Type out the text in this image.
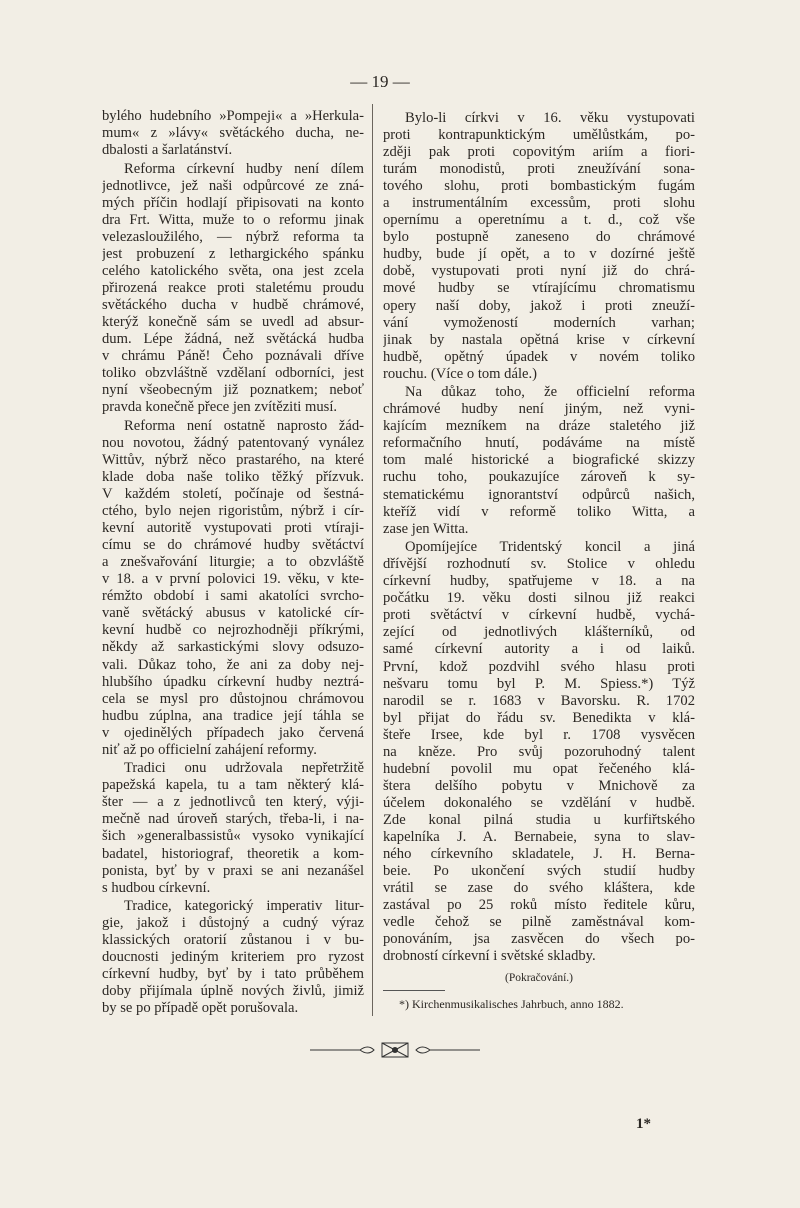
— 19 —
bylého hudebního »Pompeji« a »Herkula-
mum« z »lávy« světáckého ducha, ne-
dbalosti a šarlatánství.
Reforma církevní hudby není dílem
jednotlivce, jež naši odpůrcové ze zná-
mých příčin hodlají připisovati na konto
dra Frt. Witta, muže to o reformu jinak
velezasloužilého, — nýbrž reforma ta
jest probuzení z lethargického spánku
celého katolického světa, ona jest zcela
přirozená reakce proti staletému proudu
světáckého ducha v hudbě chrámové,
kterýž konečně sám se uvedl ad absur-
dum. Lépe žádná, než světácká hudba
v chrámu Páně! Čeho poznávali dříve
toliko obzvláštně vzdělaní odborníci, jest
nyní všeobecným již poznatkem; neboť
pravda konečně přece jen zvítěziti musí.
Reforma není ostatně naprosto žád-
nou novotou, žádný patentovaný vynález
Wittův, nýbrž něco prastarého, na které
klade doba naše toliko těžký přízvuk.
V každém století, počínaje od šestná-
ctého, bylo nejen rigoristům, nýbrž i cír-
kevní autoritě vystupovati proti vtíraji-
címu se do chrámové hudby světáctví
a znešvařování liturgie; a to obzvláště
v 18. a v první polovici 19. věku, v kte-
rémžto období i sami akatolíci svrcho-
vaně světácký abusus v katolické cír-
kevní hudbě co nejrozhodněji příkrými,
někdy až sarkastickými slovy odsuzo-
vali. Důkaz toho, že ani za doby nej-
hlubšího úpadku církevní hudby neztrá-
cela se mysl pro důstojnou chrámovou
hudbu zúplna, ana tradice její táhla se
v ojedinělých případech jako červená
niť až po officielní zahájení reformy.
Tradici onu udržovala nepřetržitě
papežská kapela, tu a tam některý klá-
šter — a z jednotlivců ten který, výji-
mečně nad úroveň starých, třeba-li, i na-
šich »generalbassistů« vysoko vynikající
badatel, historiograf, theoretik a kom-
ponista, byť by v praxi se ani nezanášel
s hudbou církevní.
Tradice, kategorický imperativ litur-
gie, jakož i důstojný a cudný výraz
klassických oratorií zůstanou i v bu-
doucnosti jediným kriteriem pro ryzost
církevní hudby, byť by i tato průběhem
doby přijímala úplně nových živlů, jimiž
by se po případě opět porušovala.
Bylo-li církvi v 16. věku vystupovati
proti kontrapunktickým umělůstkám, po-
zději pak proti copovitým ariím a fiori-
turám monodistů, proti zneužívání sona-
tového slohu, proti bombastickým fugám
a instrumentálním excessům, proti slohu
opernímu a operetnímu a t. d., což vše
bylo postupně zaneseno do chrámové
hudby, bude jí opět, a to v dozírné ještě
době, vystupovati proti nyní již do chrá-
mové hudby se vtírajícímu chromatismu
opery naší doby, jakož i proti zneuží-
vání vymožeností moderních varhan;
jinak by nastala opětná krise v církevní
hudbě, opětný úpadek v novém toliko
rouchu. (Více o tom dále.)
Na důkaz toho, že officielní reforma
chrámové hudby není jiným, než vyni-
kajícím mezníkem na dráze staletého již
reformačního hnutí, podáváme na místě
tom malé historické a biografické skizzy
ruchu toho, poukazujíce zároveň k sy-
stematickému ignorantství odpůrců našich,
kteříž vidí v reformě toliko Witta, a
zase jen Witta.
Opomíjejíce Tridentský koncil a jiná
dřívější rozhodnutí sv. Stolice v ohledu
církevní hudby, spatřujeme v 18. a na
počátku 19. věku dosti silnou již reakci
proti světáctví v církevní hudbě, vychá-
zející od jednotlivých klášterníků, od
samé církevní autority a i od laiků.
První, kdož pozdvihl svého hlasu proti
nešvaru tomu byl P. M. Spiess.*) Týž
narodil se r. 1683 v Bavorsku. R. 1702
byl přijat do řádu sv. Benedikta v klá-
šteře Irsee, kde byl r. 1708 vysvěcen
na kněze. Pro svůj pozoruhodný talent
hudební povolil mu opat řečeného klá-
štera delšího pobytu v Mnichově za
účelem dokonalého se vzdělání v hudbě.
Zde konal pilná studia u kurfiřtského
kapelníka J. A. Bernabeie, syna to slav-
ného církevního skladatele, J. H. Berna-
beie. Po ukončení svých studií hudby
vrátil se zase do svého kláštera, kde
zastával po 25 roků místo ředitele kůru,
vedle čehož se pilně zaměstnával kom-
ponováním, jsa zasvěcen do všech po-
drobností církevní i světské skladby.
(Pokračování.)
*) Kirchenmusikalisches Jahrbuch, anno 1882.
1*
